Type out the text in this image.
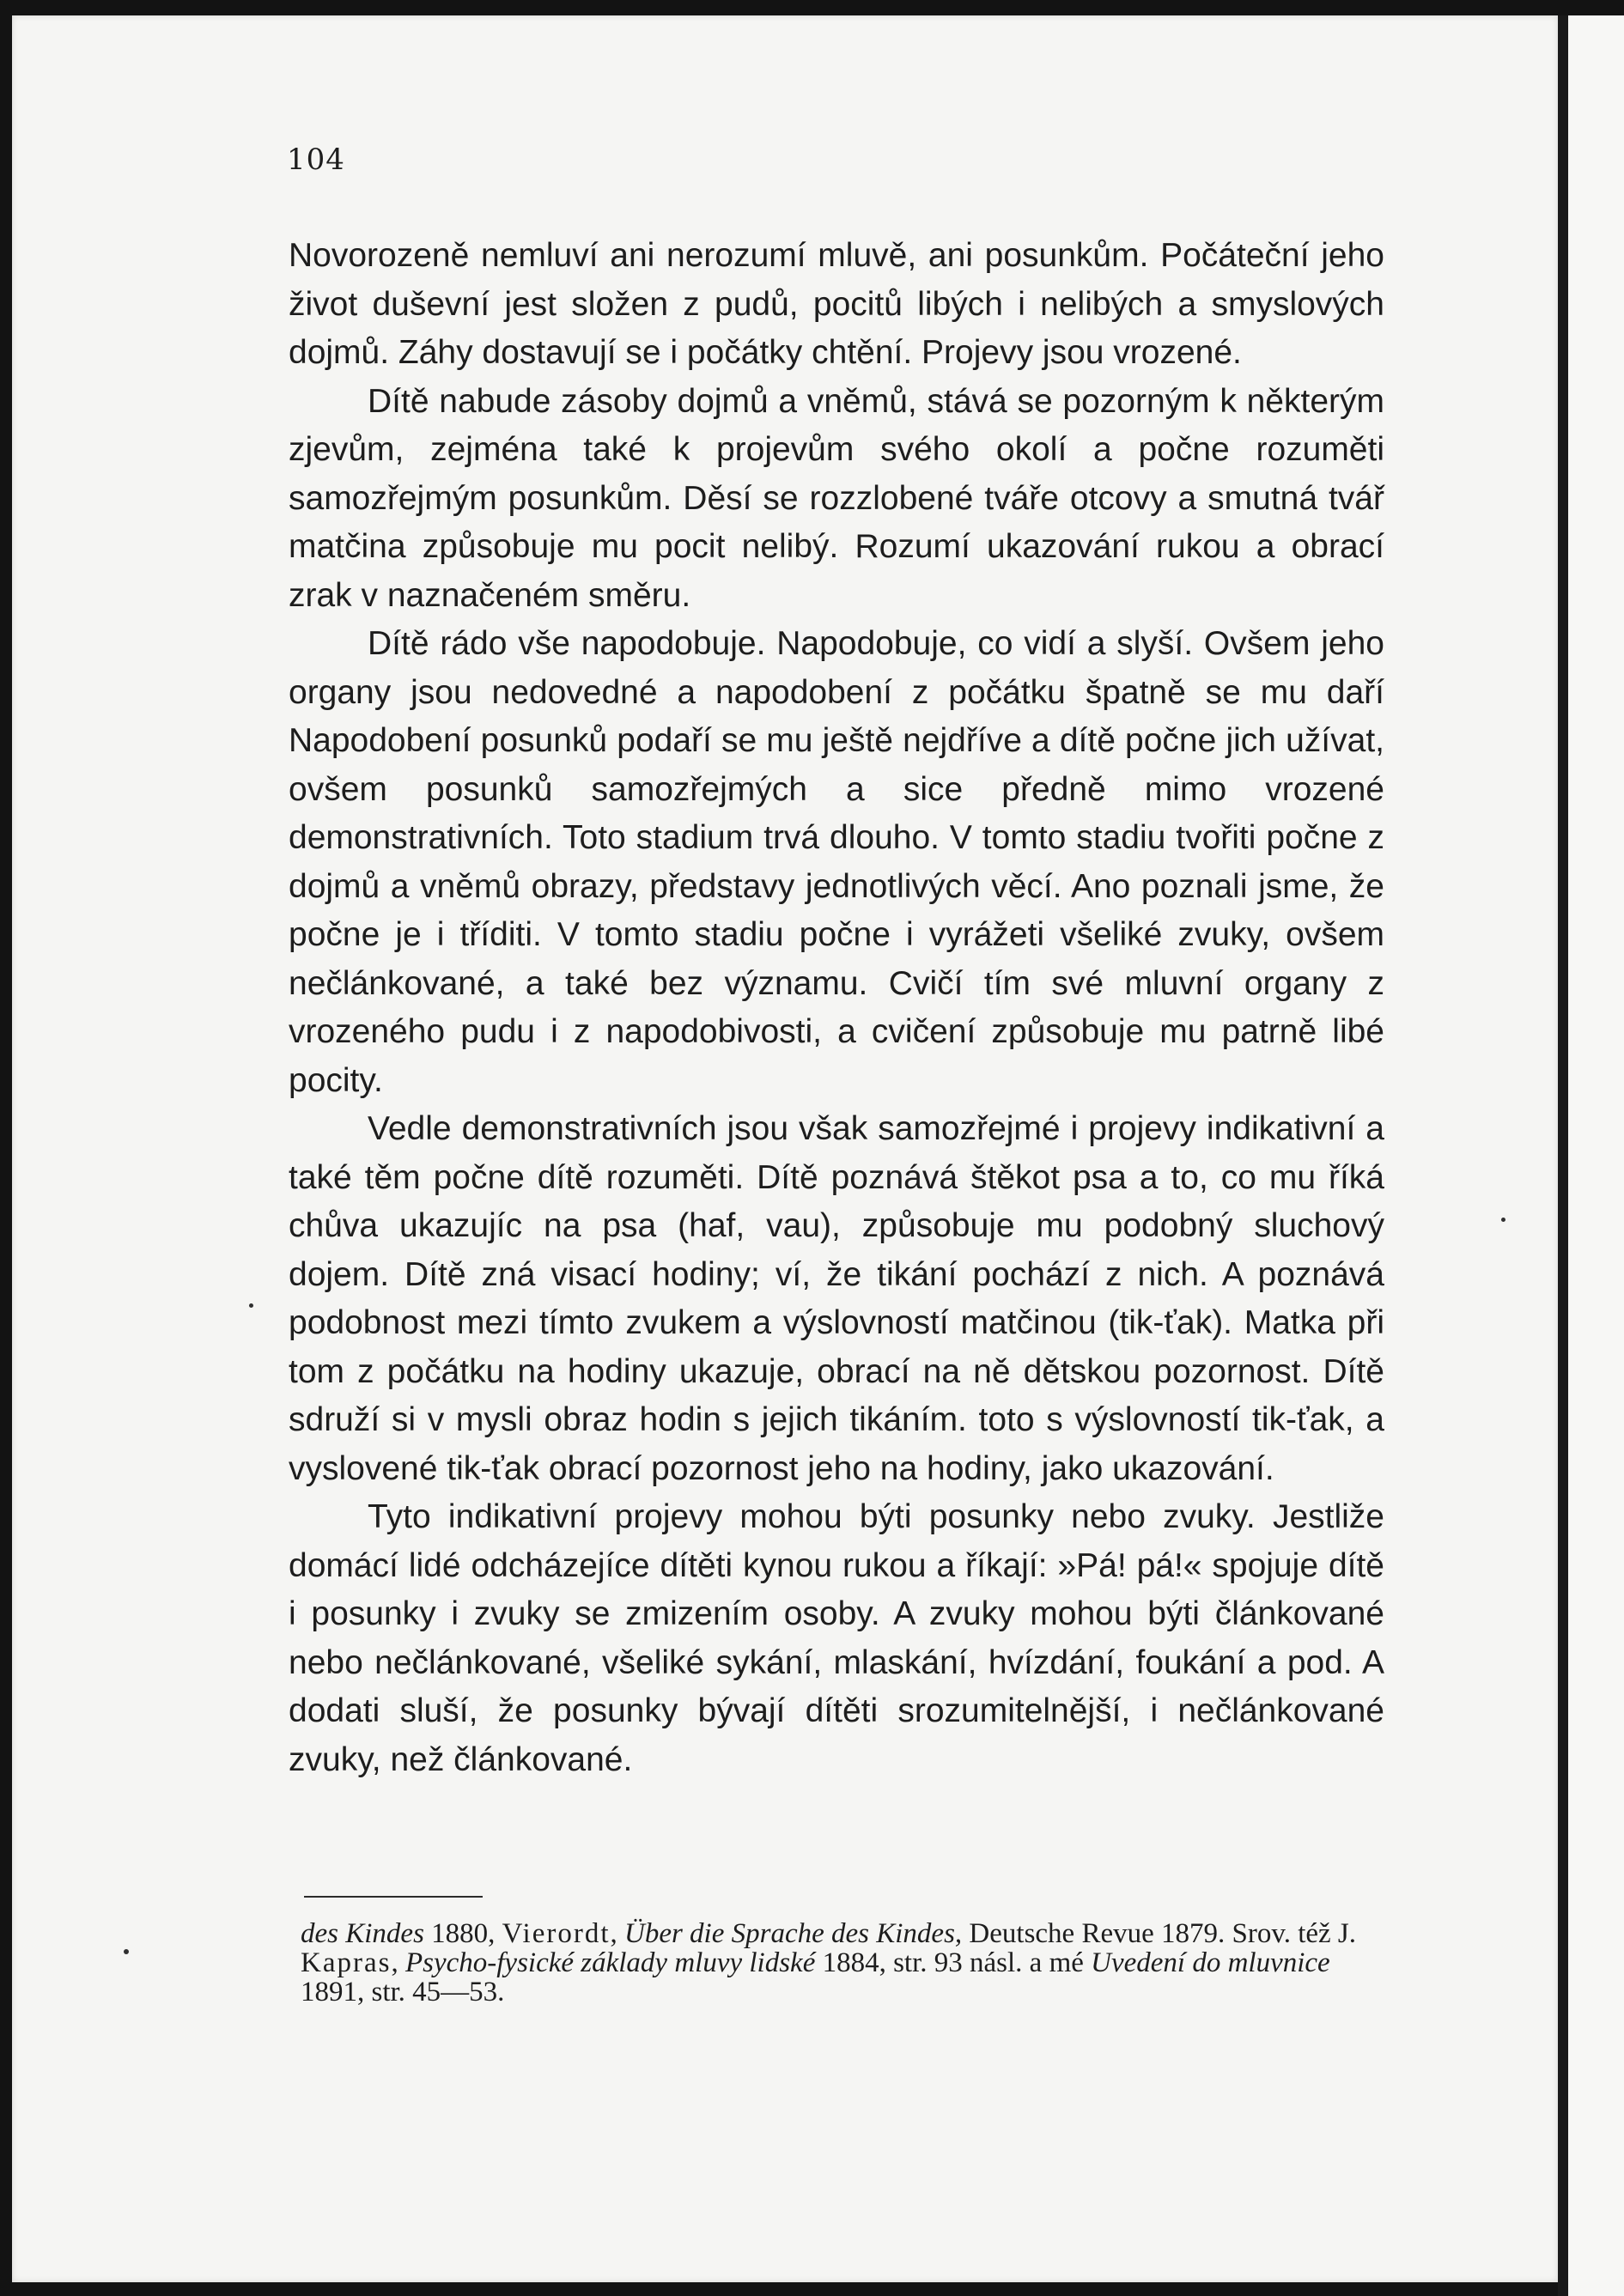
104

Novorozeně nemluví ani nerozumí mluvě, ani posunkům. Počáteční jeho život duševní jest složen z pudů, pocitů libých i nelibých a smyslových dojmů. Záhy dostavují se i počátky chtění. Projevy jsou vrozené.

Dítě nabude zásoby dojmů a vněmů, stává se pozorným k některým zjevům, zejména také k projevům svého okolí a počne rozuměti samozřejmým posunkům. Děsí se rozzlobené tváře otcovy a smutná tvář matčina způsobuje mu pocit nelibý. Rozumí ukazování rukou a obrací zrak v naznačeném směru.

Dítě rádo vše napodobuje. Napodobuje, co vidí a slyší. Ovšem jeho organy jsou nedovedné a napodobení z počátku špatně se mu daří Napodobení posunků podaří se mu ještě nejdříve a dítě počne jich užívat, ovšem posunků samozřejmých a sice předně mimo vrozené demonstrativních. Toto stadium trvá dlouho. V tomto stadiu tvořiti počne z dojmů a vněmů obrazy, představy jednotlivých věcí. Ano poznali jsme, že počne je i tříditi. V tomto stadiu počne i vyrážeti všeliké zvuky, ovšem nečlánkované, a také bez významu. Cvičí tím své mluvní organy z vrozeného pudu i z napodobivosti, a cvičení způsobuje mu patrně libé pocity.

Vedle demonstrativních jsou však samozřejmé i projevy indikativní a také těm počne dítě rozuměti. Dítě poznává štěkot psa a to, co mu říká chůva ukazujíc na psa (haf, vau), způsobuje mu podobný sluchový dojem. Dítě zná visací hodiny; ví, že tikání pochází z nich. A poznává podobnost mezi tímto zvukem a výslovností matčinou (tik-ťak). Matka při tom z počátku na hodiny ukazuje, obrací na ně dětskou pozornost. Dítě sdruží si v mysli obraz hodin s jejich tikáním. toto s výslovností tik-ťak, a vyslovené tik-ťak obrací pozornost jeho na hodiny, jako ukazování.

Tyto indikativní projevy mohou býti posunky nebo zvuky. Jestliže domácí lidé odcházejíce dítěti kynou rukou a říkají: »Pá! pá!« spojuje dítě i posunky i zvuky se zmizením osoby. A zvuky mohou býti článkované nebo nečlánkované, všeliké sykání, mlaskání, hvízdání, foukání a pod. A dodati sluší, že posunky bývají dítěti srozumitelnější, i nečlánkované zvuky, než článkované.

des Kindes 1880, Vierordt, Über die Sprache des Kindes, Deutsche Revue 1879. Srov. též J. Kapras, Psycho-fysické základy mluvy lidské 1884, str. 93 násl. a mé Uvedení do mluvnice 1891, str. 45—53.
